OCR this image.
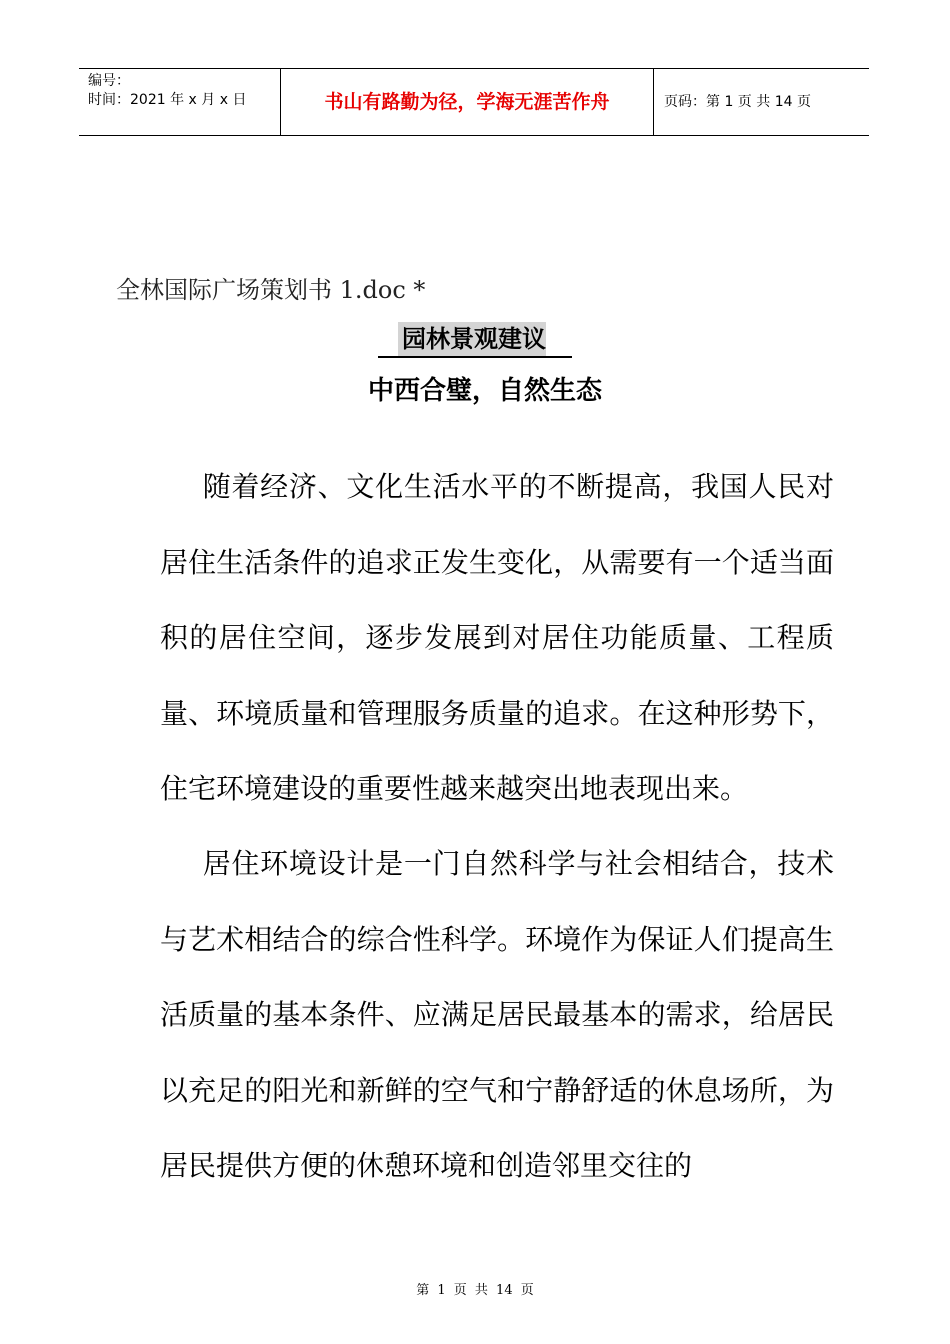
编号：
时间：2021 年 x 月 x 日	书山有路勤为径，学海无涯苦作舟	页码：第 1 页 共 14 页
全林国际广场策划书 1.doc *
园林景观建议
中西合璧，自然生态

随着经济、文化生活水平的不断提高，我国人民对居住生活条件的追求正发生变化，从需要有一个适当面积的居住空间，逐步发展到对居住功能质量、工程质量、环境质量和管理服务质量的追求。在这种形势下，住宅环境建设的重要性越来越突出地表现出来。

居住环境设计是一门自然科学与社会相结合，技术与艺术相结合的综合性科学。环境作为保证人们提高生活质量的基本条件、应满足居民最基本的需求，给居民以充足的阳光和新鲜的空气和宁静舒适的休息场所，为居民提供方便的休憩环境和创造邻里交往的

第 1 页 共 14 页
